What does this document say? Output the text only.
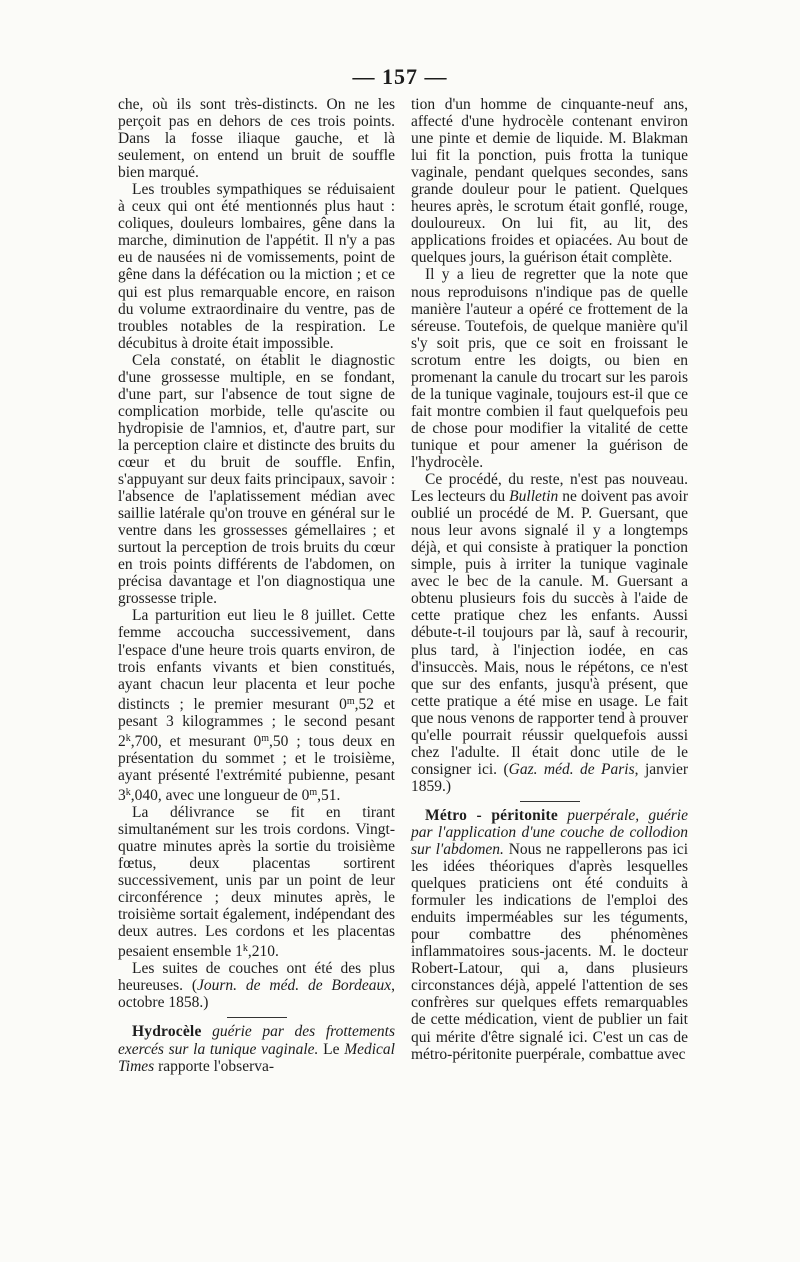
— 157 —

che, où ils sont très-distincts. On ne les perçoit pas en dehors de ces trois points. Dans la fosse iliaque gauche, et là seulement, on entend un bruit de souffle bien marqué.

Les troubles sympathiques se réduisaient à ceux qui ont été mentionnés plus haut : coliques, douleurs lombaires, gêne dans la marche, diminution de l'appétit. Il n'y a pas eu de nausées ni de vomissements, point de gêne dans la défécation ou la miction ; et ce qui est plus remarquable encore, en raison du volume extraordinaire du ventre, pas de troubles notables de la respiration. Le décubitus à droite était impossible.

Cela constaté, on établit le diagnostic d'une grossesse multiple, en se fondant, d'une part, sur l'absence de tout signe de complication morbide, telle qu'ascite ou hydropisie de l'amnios, et, d'autre part, sur la perception claire et distincte des bruits du cœur et du bruit de souffle. Enfin, s'appuyant sur deux faits principaux, savoir : l'absence de l'aplatissement médian avec saillie latérale qu'on trouve en général sur le ventre dans les grossesses gémellaires ; et surtout la perception de trois bruits du cœur en trois points différents de l'abdomen, on précisa davantage et l'on diagnostiqua une grossesse triple.

La parturition eut lieu le 8 juillet. Cette femme accoucha successivement, dans l'espace d'une heure trois quarts environ, de trois enfants vivants et bien constitués, ayant chacun leur placenta et leur poche distincts ; le premier mesurant 0$^m$,52 et pesant 3 kilogrammes ; le second pesant 2$^k$,700, et mesurant 0$^m$,50 ; tous deux en présentation du sommet ; et le troisième, ayant présenté l'extrémité pubienne, pesant 3$^k$,040, avec une longueur de 0$^m$,51.

La délivrance se fit en tirant simultanément sur les trois cordons. Vingt-quatre minutes après la sortie du troisième fœtus, deux placentas sortirent successivement, unis par un point de leur circonférence ; deux minutes après, le troisième sortait également, indépendant des deux autres. Les cordons et les placentas pesaient ensemble 1$^k$,210.

Les suites de couches ont été des plus heureuses. (Journ. de méd. de Bordeaux, octobre 1858.)

Hydrocèle guérie par des frottements exercés sur la tunique vaginale. Le Medical Times rapporte l'observa-

tion d'un homme de cinquante-neuf ans, affecté d'une hydrocèle contenant environ une pinte et demie de liquide. M. Blakman lui fit la ponction, puis frotta la tunique vaginale, pendant quelques secondes, sans grande douleur pour le patient. Quelques heures après, le scrotum était gonflé, rouge, douloureux. On lui fit, au lit, des applications froides et opiacées. Au bout de quelques jours, la guérison était complète.

Il y a lieu de regretter que la note que nous reproduisons n'indique pas de quelle manière l'auteur a opéré ce frottement de la séreuse. Toutefois, de quelque manière qu'il s'y soit pris, que ce soit en froissant le scrotum entre les doigts, ou bien en promenant la canule du trocart sur les parois de la tunique vaginale, toujours est-il que ce fait montre combien il faut quelquefois peu de chose pour modifier la vitalité de cette tunique et pour amener la guérison de l'hydrocèle.

Ce procédé, du reste, n'est pas nouveau. Les lecteurs du Bulletin ne doivent pas avoir oublié un procédé de M. P. Guersant, que nous leur avons signalé il y a longtemps déjà, et qui consiste à pratiquer la ponction simple, puis à irriter la tunique vaginale avec le bec de la canule. M. Guersant a obtenu plusieurs fois du succès à l'aide de cette pratique chez les enfants. Aussi débute-t-il toujours par là, sauf à recourir, plus tard, à l'injection iodée, en cas d'insuccès. Mais, nous le répétons, ce n'est que sur des enfants, jusqu'à présent, que cette pratique a été mise en usage. Le fait que nous venons de rapporter tend à prouver qu'elle pourrait réussir quelquefois aussi chez l'adulte. Il était donc utile de le consigner ici. (Gaz. méd. de Paris, janvier 1859.)

Métro - péritonite puerpérale, guérie par l'application d'une couche de collodion sur l'abdomen. Nous ne rappellerons pas ici les idées théoriques d'après lesquelles quelques praticiens ont été conduits à formuler les indications de l'emploi des enduits imperméables sur les téguments, pour combattre des phénomènes inflammatoires sous-jacents. M. le docteur Robert-Latour, qui a, dans plusieurs circonstances déjà, appelé l'attention de ses confrères sur quelques effets remarquables de cette médication, vient de publier un fait qui mérite d'être signalé ici. C'est un cas de métro-péritonite puerpérale, combattue avec
